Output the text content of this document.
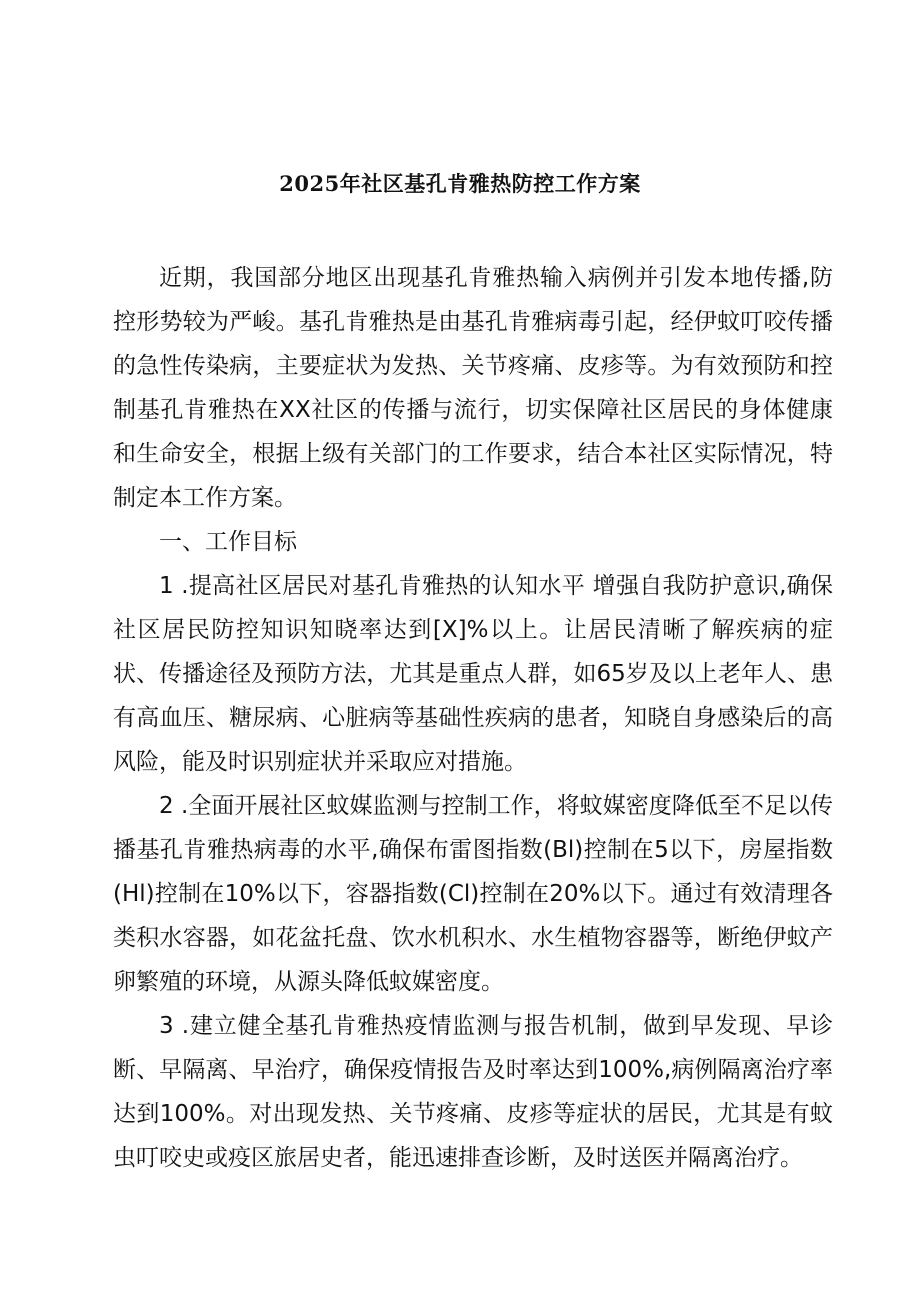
2025年社区基孔肯雅热防控工作方案

近期，我国部分地区出现基孔肯雅热输入病例并引发本地传播,防控形势较为严峻。基孔肯雅热是由基孔肯雅病毒引起，经伊蚊叮咬传播的急性传染病，主要症状为发热、关节疼痛、皮疹等。为有效预防和控制基孔肯雅热在XX社区的传播与流行，切实保障社区居民的身体健康和生命安全，根据上级有关部门的工作要求，结合本社区实际情况，特制定本工作方案。

一、工作目标

1 .提高社区居民对基孔肯雅热的认知水平 增强自我防护意识,确保社区居民防控知识知晓率达到[X]%以上。让居民清晰了解疾病的症状、传播途径及预防方法，尤其是重点人群，如65岁及以上老年人、患有高血压、糖尿病、心脏病等基础性疾病的患者，知晓自身感染后的高风险，能及时识别症状并采取应对措施。

2 .全面开展社区蚊媒监测与控制工作，将蚊媒密度降低至不足以传播基孔肯雅热病毒的水平,确保布雷图指数(Bl)控制在5以下，房屋指数(Hl)控制在10%以下，容器指数(Cl)控制在20%以下。通过有效清理各类积水容器，如花盆托盘、饮水机积水、水生植物容器等，断绝伊蚊产卵繁殖的环境，从源头降低蚊媒密度。

3 .建立健全基孔肯雅热疫情监测与报告机制，做到早发现、早诊断、早隔离、早治疗，确保疫情报告及时率达到100%,病例隔离治疗率达到100%。对出现发热、关节疼痛、皮疹等症状的居民，尤其是有蚊虫叮咬史或疫区旅居史者，能迅速排查诊断，及时送医并隔离治疗。
